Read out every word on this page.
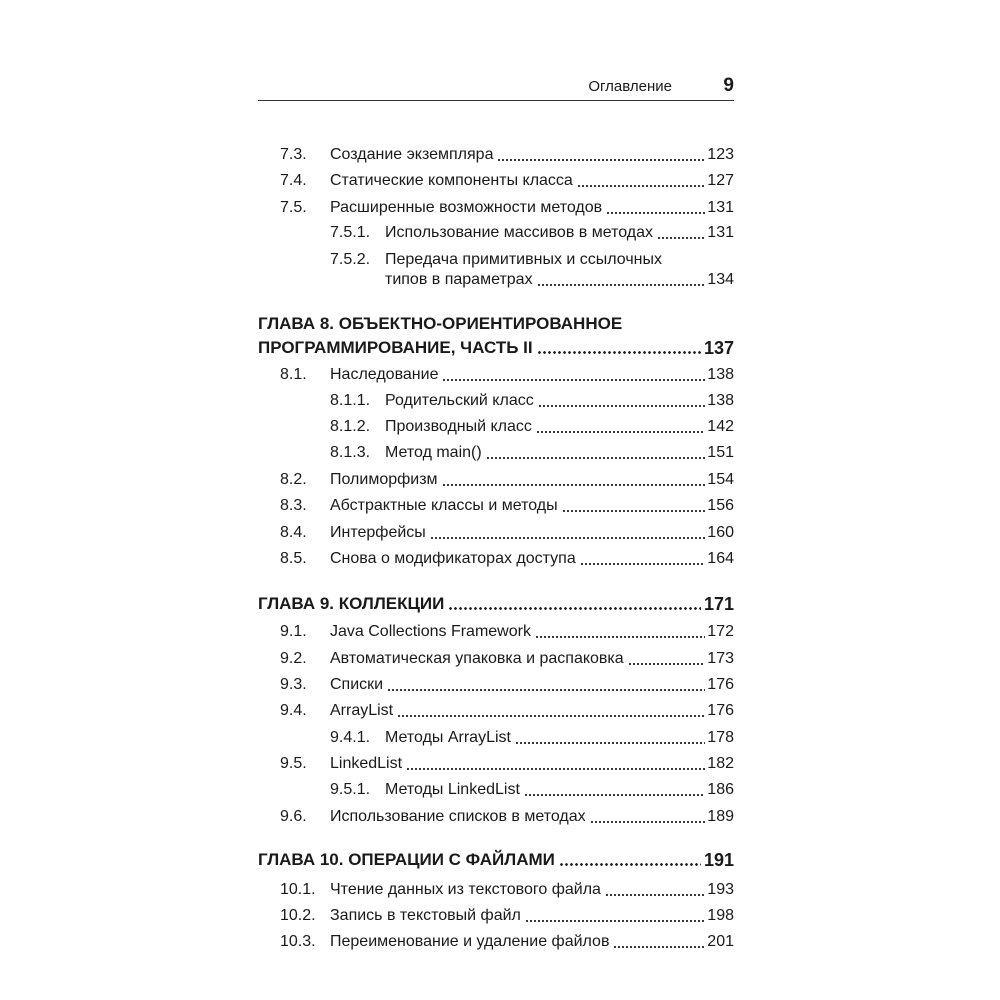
Оглавление	9
7.3. Создание экземпляра	123
7.4. Статические компоненты класса	127
7.5. Расширенные возможности методов	131
7.5.1. Использование массивов в методах	131
7.5.2. Передача примитивных и ссылочных
типов в параметрах	134
ГЛАВА 8. ОБЪЕКТНО-ОРИЕНТИРОВАННОЕ
ПРОГРАММИРОВАНИЕ, ЧАСТЬ II	137
8.1. Наследование	138
8.1.1. Родительский класс	138
8.1.2. Производный класс	142
8.1.3. Метод main()	151
8.2. Полиморфизм	154
8.3. Абстрактные классы и методы	156
8.4. Интерфейсы	160
8.5. Снова о модификаторах доступа	164
ГЛАВА 9. КОЛЛЕКЦИИ	171
9.1. Java Collections Framework	172
9.2. Автоматическая упаковка и распаковка	173
9.3. Списки	176
9.4. ArrayList	176
9.4.1. Методы ArrayList	178
9.5. LinkedList	182
9.5.1. Методы LinkedList	186
9.6. Использование списков в методах	189
ГЛАВА 10. ОПЕРАЦИИ С ФАЙЛАМИ	191
10.1. Чтение данных из текстового файла	193
10.2. Запись в текстовый файл	198
10.3. Переименование и удаление файлов	201
